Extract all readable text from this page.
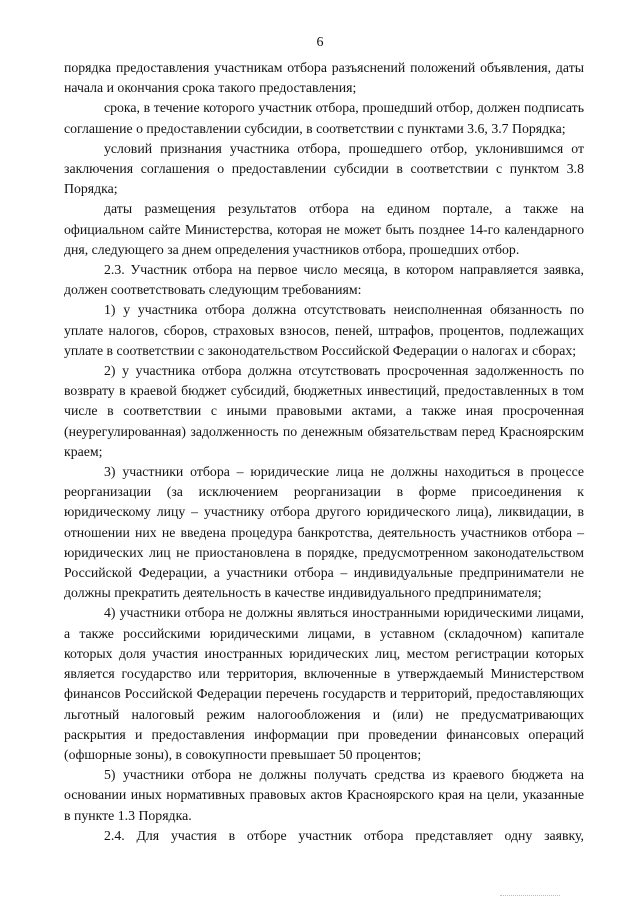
6

порядка предоставления участникам отбора разъяснений положений объявления, даты начала и окончания срока такого предоставления;

срока, в течение которого участник отбора, прошедший отбор, должен подписать соглашение о предоставлении субсидии, в соответствии с пунктами 3.6, 3.7 Порядка;

условий признания участника отбора, прошедшего отбор, уклонившимся от заключения соглашения о предоставлении субсидии в соответствии с пунктом 3.8 Порядка;

даты размещения результатов отбора на едином портале, а также на официальном сайте Министерства, которая не может быть позднее 14-го календарного дня, следующего за днем определения участников отбора, прошедших отбор.

2.3. Участник отбора на первое число месяца, в котором направляется заявка, должен соответствовать следующим требованиям:

1) у участника отбора должна отсутствовать неисполненная обязанность по уплате налогов, сборов, страховых взносов, пеней, штрафов, процентов, подлежащих уплате в соответствии с законодательством Российской Федерации о налогах и сборах;

2) у участника отбора должна отсутствовать просроченная задолженность по возврату в краевой бюджет субсидий, бюджетных инвестиций, предоставленных в том числе в соответствии с иными правовыми актами, а также иная просроченная (неурегулированная) задолженность по денежным обязательствам перед Красноярским краем;

3) участники отбора – юридические лица не должны находиться в процессе реорганизации (за исключением реорганизации в форме присоединения к юридическому лицу – участнику отбора другого юридического лица), ликвидации, в отношении них не введена процедура банкротства, деятельность участников отбора – юридических лиц не приостановлена в порядке, предусмотренном законодательством Российской Федерации, а участники отбора – индивидуальные предприниматели не должны прекратить деятельность в качестве индивидуального предпринимателя;

4) участники отбора не должны являться иностранными юридическими лицами, а также российскими юридическими лицами, в уставном (складочном) капитале которых доля участия иностранных юридических лиц, местом регистрации которых является государство или территория, включенные в утверждаемый Министерством финансов Российской Федерации перечень государств и территорий, предоставляющих льготный налоговый режим налогообложения и (или) не предусматривающих раскрытия и предоставления информации при проведении финансовых операций (офшорные зоны), в совокупности превышает 50 процентов;

5) участники отбора не должны получать средства из краевого бюджета на основании иных нормативных правовых актов Красноярского края на цели, указанные в пункте 1.3 Порядка.

2.4. Для участия в отборе участник отбора представляет одну заявку,
